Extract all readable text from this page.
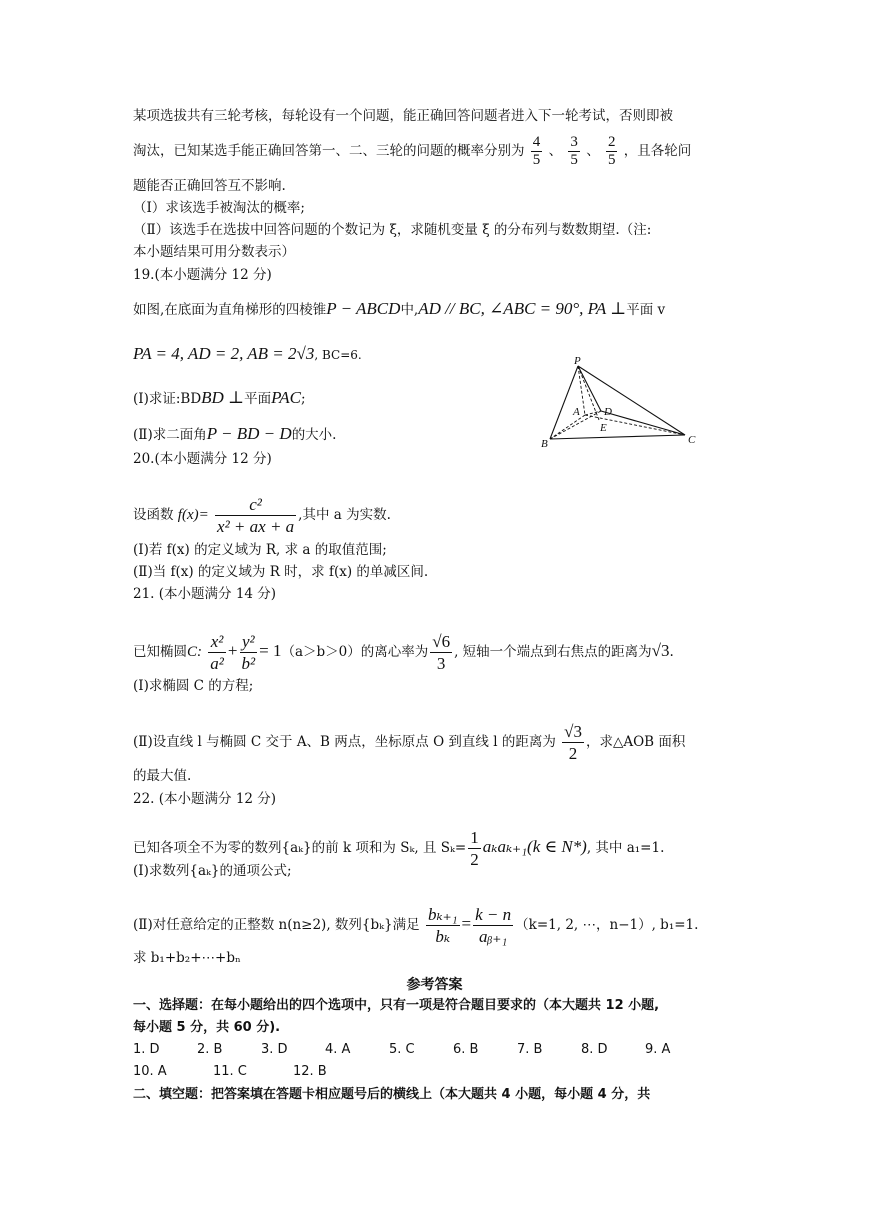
某项选拔共有三轮考核，每轮设有一个问题，能正确回答问题者进入下一轮考试，否则即被
淘汰，已知某选手能正确回答第一、二、三轮的问题的概率分别为 $\frac{4}{5}$ 、 $\frac{3}{5}$ 、 $\frac{2}{5}$ ，且各轮问
题能否正确回答互不影响.
（Ⅰ）求该选手被淘汰的概率;
（Ⅱ）该选手在选拔中回答问题的个数记为 ξ，求随机变量 ξ 的分布列与数数期望.（注:
本小题结果可用分数表示）
19.(本小题满分 12 分)
如图,在底面为直角梯形的四棱锥P − ABCD中,AD // BC, ∠ABC = 90°, PA ⊥平面 v
PA = 4, AD = 2, AB = 2√3, BC=6.
(Ⅰ)求证:BDBD ⊥平面PAC;
(Ⅱ)求二面角P − BD − D的大小.
P
A D
E
B	C
20.(本小题满分 12 分)
设函数 $f(x)= \frac{\text{c²}}{\text{x² + ax + a}}$ ,其中 a 为实数.
(Ⅰ)若 f(x) 的定义域为 R, 求 a 的取值范围;
(Ⅱ)当 f(x) 的定义域为 R 时，求 f(x) 的单减区间.
21. (本小题满分 14 分)
已知椭圆C: $\frac{\text{x²}}{\text{a²}} + \frac{\text{y²}}{\text{b²}} = 1(a>b>0)$的离心率为 $\frac{√6}{3}$ , 短轴一个端点到右焦点的距离为√3.
(Ⅰ)求椭圆 C 的方程;
(Ⅱ)设直线 l 与椭圆 C 交于 A、B 两点，坐标原点 O 到直线 l 的距离为 $\frac{√3}{2}$ ，求△AOB 面积
的最大值.
22. (本小题满分 12 分)
已知各项全不为零的数列{aₖ}的前 k 项和为 Sₖ, 且 $S_k= \frac{1}{2} a_ka_{k+1}(k$ ∈ N*), 其中 a₁=1.
(Ⅰ)求数列{aₖ}的通项公式;
(Ⅱ)对任意给定的正整数 n(n≥2), 数列{bₖ}满足 $\frac{\text{bₖ₊₁}}{\text{bₖ}} = \frac{k - n}{\text{aᵦ₊₁}} (k=1$, 2, ⋯，n−1）, b₁=1.
求 b₁+b₂+⋯+bₙ
参考答案
一、选择题：在每小题给出的四个选项中，只有一项是符合题目要求的（本大题共 12 小题,
每小题 5 分，共 60 分).
1. D	2. B	3. D	4. A	5. C	6. B	7. B	8. D	9. A
10. A	11. C	12. B
二、填空题：把答案填在答题卡相应题号后的横线上（本大题共 4 小题，每小题 4 分，共
